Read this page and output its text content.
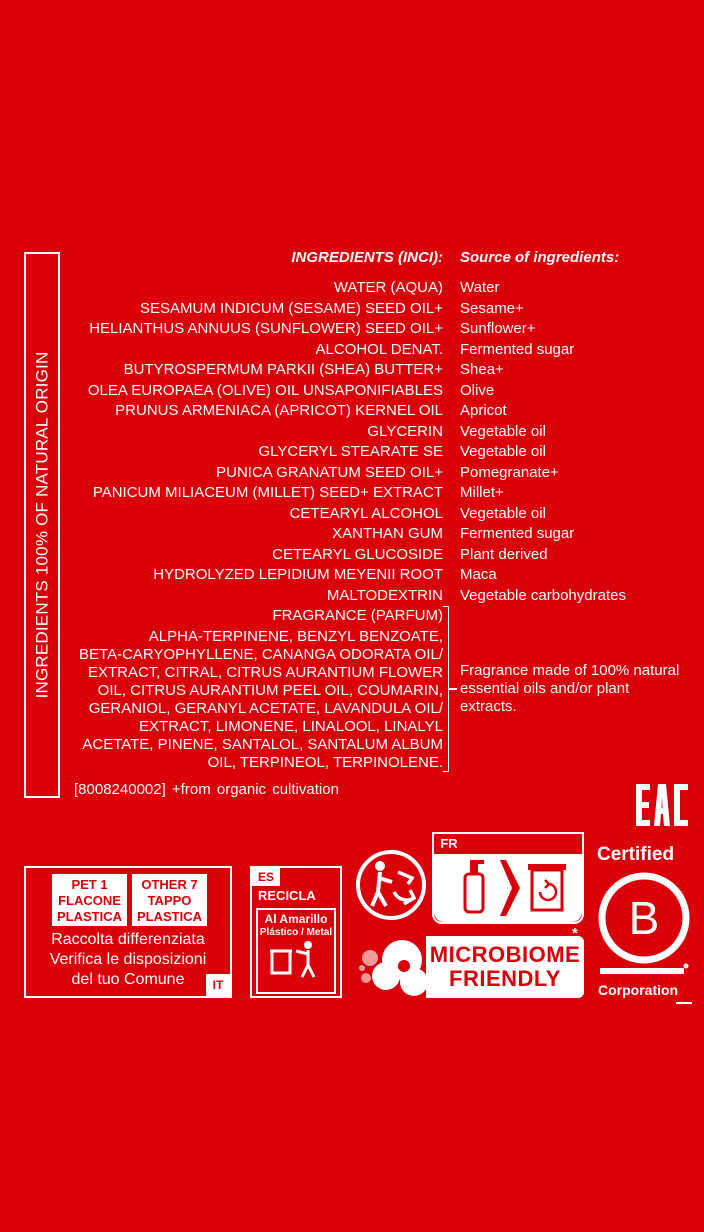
INGREDIENTS 100% OF NATURAL ORIGIN
INGREDIENTS (INCI): Source of ingredients:
WATER (AQUA)
SESAMUM INDICUM (SESAME) SEED OIL+
HELIANTHUS ANNUUS (SUNFLOWER) SEED OIL+
ALCOHOL DENAT.
BUTYROSPERMUM PARKII (SHEA) BUTTER+
OLEA EUROPAEA (OLIVE) OIL UNSAPONIFIABLES
PRUNUS ARMENIACA (APRICOT) KERNEL OIL
GLYCERIN
GLYCERYL STEARATE SE
PUNICA GRANATUM SEED OIL+
PANICUM MILIACEUM (MILLET) SEED+ EXTRACT
CETEARYL ALCOHOL
XANTHAN GUM
CETEARYL GLUCOSIDE
HYDROLYZED LEPIDIUM MEYENII ROOT
MALTODEXTRIN
Water
Sesame+
Sunflower+
Fermented sugar
Shea+
Olive
Apricot
Vegetable oil
Vegetable oil
Pomegranate+
Millet+
Vegetable oil
Fermented sugar
Plant derived
Maca
Vegetable carbohydrates
FRAGRANCE (PARFUM)
ALPHA-TERPINENE, BENZYL BENZOATE,
BETA-CARYOPHYLLENE, CANANGA ODORATA OIL/
EXTRACT, CITRAL, CITRUS AURANTIUM FLOWER
OIL, CITRUS AURANTIUM PEEL OIL, COUMARIN,
GERANIOL, GERANYL ACETATE, LAVANDULA OIL/
EXTRACT, LIMONENE, LINALOOL, LINALYL
ACETATE, PINENE, SANTALOL, SANTALUM ALBUM
OIL, TERPINEOL, TERPINOLENE.
Fragrance made of 100% natural
essential oils and/or plant
extracts.
[8008240002] +from organic cultivation
PET 1
FLACONE
PLASTICA
OTHER 7
TAPPO
PLASTICA
Raccolta differenziata
Verifica le disposizioni
del tuo Comune	IT
ES
RECICLA
Al Amarillo
Plástico / Metal
FR
MICROBIOME
FRIENDLY
*
Certified
B
Corporation
